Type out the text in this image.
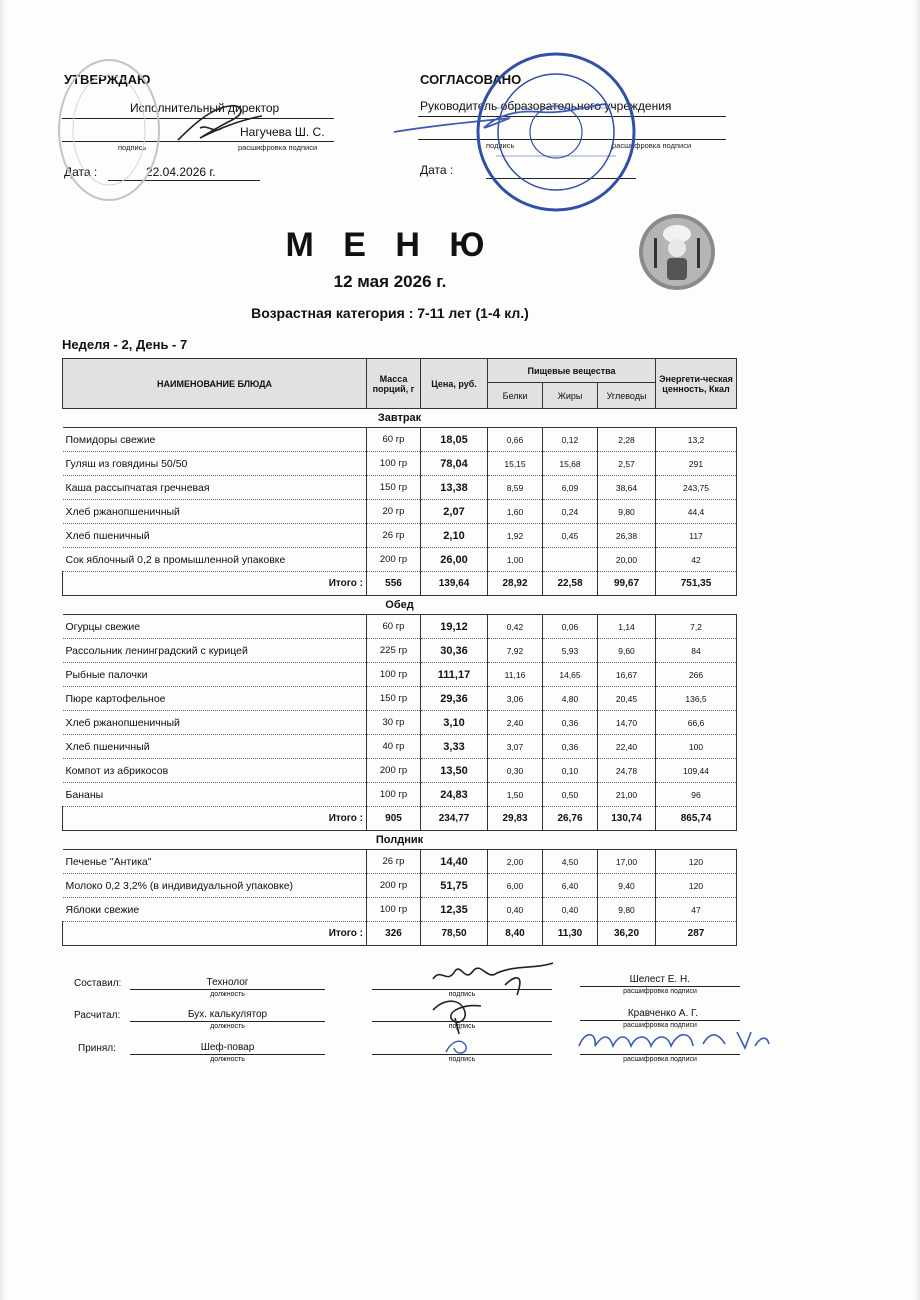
УТВЕРЖДАЮ
Исполнительный директор
Нагучева Ш. С.
подпись	расшифровка подписи
Дата :	22.04.2026 г.
СОГЛАСОВАНО
Руководитель образовательного учреждения
подпись	расшифровка подписи
Дата :
М Е Н Ю
12 мая 2026 г.
Возрастная категория : 7-11 лет (1-4 кл.)
Неделя - 2, День - 7
НАИМЕНОВАНИЕ БЛЮДА	Масса порций, г	Цена, руб.	Пищевые вещества			Энергети-ческая ценность, Ккал
			Белки	Жиры	Углеводы	
Завтрак						
Помидоры свежие	60 гр	18,05	0,66	0,12	2,28	13,2
Гуляш из говядины 50/50	100 гр	78,04	15,15	15,68	2,57	291
Каша рассыпчатая гречневая	150 гр	13,38	8,59	6,09	38,64	243,75
Хлеб ржанопшеничный	20 гр	2,07	1,60	0,24	9,80	44,4
Хлеб пшеничный	26 гр	2,10	1,92	0,45	26,38	117
Сок яблочный 0,2 в промышленной упаковке	200 гр	26,00	1,00		20,00	42
Итого :	556	139,64	28,92	22,58	99,67	751,35
Обед						
Огурцы свежие	60 гр	19,12	0,42	0,06	1,14	7,2
Рассольник ленинградский с курицей	225 гр	30,36	7,92	5,93	9,60	84
Рыбные палочки	100 гр	111,17	11,16	14,65	16,67	266
Пюре картофельное	150 гр	29,36	3,06	4,80	20,45	136,5
Хлеб ржанопшеничный	30 гр	3,10	2,40	0,36	14,70	66,6
Хлеб пшеничный	40 гр	3,33	3,07	0,36	22,40	100
Компот из абрикосов	200 гр	13,50	0,30	0,10	24,78	109,44
Бананы	100 гр	24,83	1,50	0,50	21,00	96
Итого :	905	234,77	29,83	26,76	130,74	865,74
Полдник						
Печенье "Антика"	26 гр	14,40	2,00	4,50	17,00	120
Молоко 0,2 3,2% (в индивидуальной упаковке)	200 гр	51,75	6,00	6,40	9,40	120
Яблоки свежие	100 гр	12,35	0,40	0,40	9,80	47
Итого :	326	78,50	8,40	11,30	36,20	287
Составил:	Технолог
должность	подпись
Шелест Е. Н.
расшифровка подписи
Расчитал:	Бух. калькулятор
должность	подпись
Кравченко А. Г.
расшифровка подписи
Принял:	Шеф-повар
должность	подпись	расшифровка подписи
